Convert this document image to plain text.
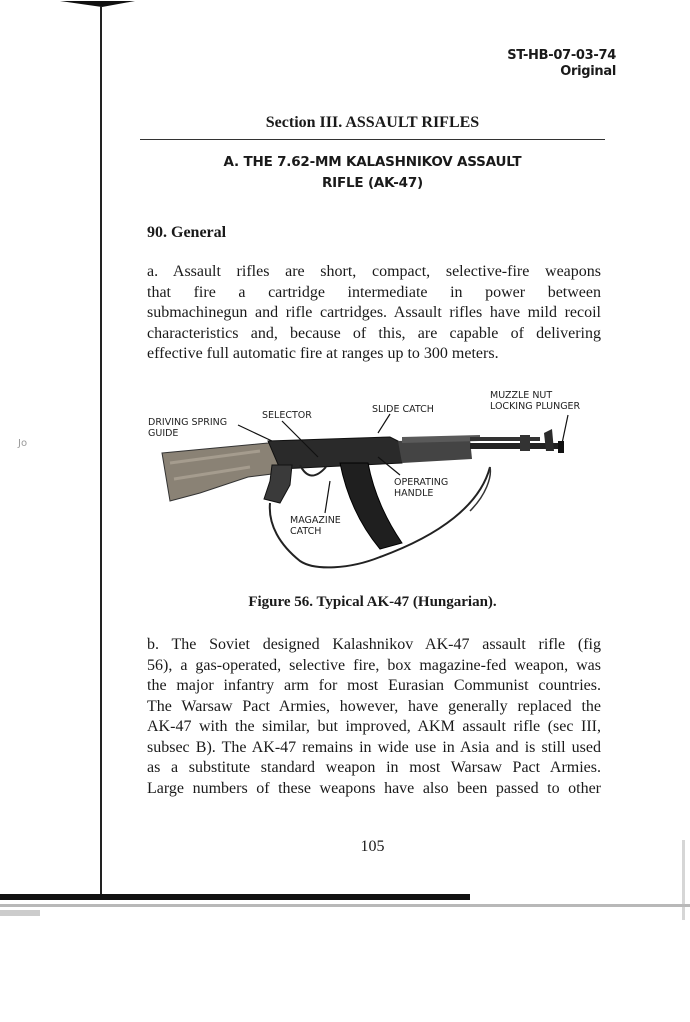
ST-HB-07-03-74
Original
Section III. ASSAULT RIFLES
A. THE 7.62-MM KALASHNIKOV ASSAULT
RIFLE (AK-47)
90. General
Jo
a. Assault rifles are short, compact, selective-fire weapons
that fire a cartridge intermediate in power between
submachinegun and rifle cartridges. Assault rifles have mild recoil
characteristics and, because of this, are capable of delivering
effective full automatic fire at ranges up to 300 meters.
DRIVING SPRING
GUIDE
SELECTOR
SLIDE CATCH
MUZZLE NUT
LOCKING PLUNGER
OPERATING
HANDLE
MAGAZINE
CATCH
Figure 56. Typical AK-47 (Hungarian).
b. The Soviet designed Kalashnikov AK-47 assault rifle (fig
56), a gas-operated, selective fire, box magazine-fed weapon, was
the major infantry arm for most Eurasian Communist countries.
The Warsaw Pact Armies, however, have generally replaced the
AK-47 with the similar, but improved, AKM assault rifle (sec III,
subsec B). The AK-47 remains in wide use in Asia and is still used
as a substitute standard weapon in most Warsaw Pact Armies.
Large numbers of these weapons have also been passed to other
105
